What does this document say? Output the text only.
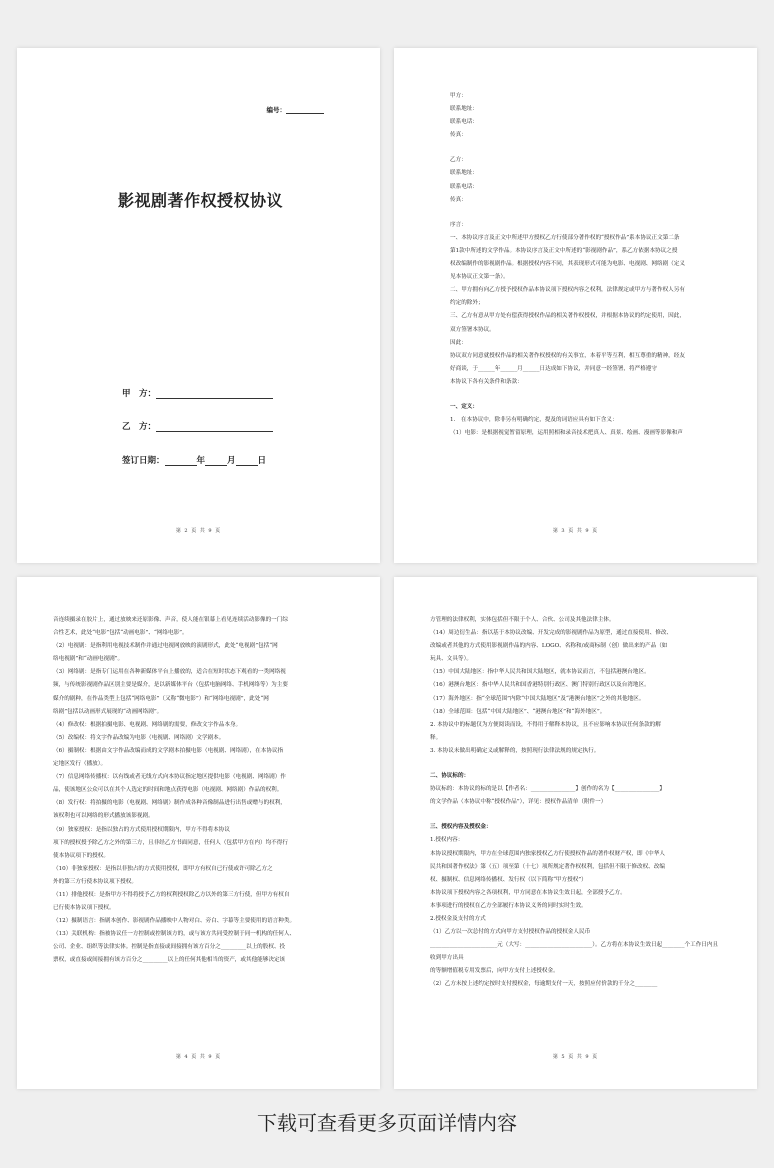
编号：
影视剧著作权授权协议
甲　方：
乙　方：
签订日期：	年	月	日
第 2 页 共 9 页

甲方：

联系地址：

联系电话：

传真：

乙方：

联系地址：

联系电话：

传真：

序言：

一、本协议序言及正文中所述甲方授权乙方行使部分著作权的“授权作品”系本协议正文第二条

第1款中所述的文学作品。本协议序言及正文中所述的“影视剧作品”，系乙方依据本协议之授

权改编制作的影视剧作品。根据授权内容不同，其表现形式可能为电影、电视剧、网络剧（定义

见本协议正文第一条）。

二、甲方拥有向乙方授予授权作品本协议项下授权内容之权利，法律规定或甲方与著作权人另有

约定的除外；

三、乙方有意从甲方处有偿获得授权作品的相关著作权授权，并根据本协议的约定使用，因此，

双方签署本协议。

因此：

协议双方同意就授权作品的相关著作权授权的有关事宜，本着平等互利，相互尊重的精神，经友

好商谈，于______年______月______日达成如下协议，并同意一经签署，将严格遵守

本协议下各有关条件和条款：

一、定义：

1.　在本协议中，除非另有明确约定，提及的词语应具有如下含义：

（1）电影：是根据视觉暂留原理，运用照相和录音技术把真人、真景、绘画、漫画等影像和声

第 3 页 共 9 页

音连续摄录在胶片上，通过放映来还原影像、声音，使人能在银幕上看见连续活动影像的一门综

合性艺术，此处“电影”包括“动画电影”、“网络电影”。

（2）电视剧：是指利用电视技术制作并通过电视网放映的演剧形式，此处“电视剧”包括“网

络电视剧”和“动画电视剧”。

（3）网络剧：是指专门运用在各种新媒体平台上播放的，适合在短时状态下观看的一类网络视

频，与传统影视剧作品区别主要是媒介，是以新媒体平台（包括电脑网络、手机网络等）为主要

媒介的剧种，在作品类型上包括“网络电影”（又称“微电影”）和“网络电视剧”，此处“网

络剧”包括以动画形式展现的“动画网络剧”。

（4）修改权：根据拍摄电影、电视剧、网络剧的需要，修改文字作品本身。

（5）改编权：将文字作品改编为电影（电视剧、网络剧）文学剧本。

（6）摄制权：根据由文字作品改编而成的文学剧本拍摄电影（电视剧、网络剧），在本协议指

定地区发行（播放）。

（7）信息网络传播权：以有线或者无线方式向本协议指定地区提供电影（电视剧、网络剧）作

品，使该地区公众可以在其个人选定的时间和地点获得电影（电视剧、网络剧）作品的权利。

（8）发行权：将拍摄的电影（电视剧、网络剧）制作成各种音像制品进行出售或赠与的权利，

该权利也可以网络的形式播放该影视剧。

（9）独家授权：是指以独占的方式使用授权期限内，甲方不得将本协议

项下的授权授予除乙方之外的第三方，且非经乙方书面同意，任何人（包括甲方在内）均不得行

使本协议项下的授权。

（10）非独家授权：是指以非独占的方式使用授权，即甲方有权自已行使或许可除乙方之

外的第三方行使本协议项下授权。

（11）排他授权：是指甲方不得将授予乙方的权利授权除乙方以外的第三方行使，但甲方有权自

已行使本协议项下授权。

（12）摄制语言：指剧本创作、影视剧作品播映中人物对白、旁白、字幕等主要使用的语言种类。

（13）关联机构：指被协议任一方控制或控制该方的，或与该方共同受控制于同一机构的任何人、

公司、企业、组织等法律实体。控制是指直接或间接拥有该方百分之_________以上的股权、投

票权，或直接或间接拥有该方百分之_________以上的任何其他相当的资产，或其他能够决定该

第 4 页 共 9 页

方管理的法律权利，实体包括但不限于个人、合伙、公司及其他法律主体。

（14）周边衍生品：指以基于本协议改编、开发完成的影视剧作品为原型，通过直接使用、修改、

改编或者其他的方式使用影视剧作品的内容、LOGO、名称和/或商标制（创）做出来的产品（如

玩具、文具等）。

（15）中国大陆地区：指中华人民共和国大陆地区，就本协议而言，不包括港澳台地区。

（16）港澳台地区：指中华人民共和国香港特别行政区、澳门特别行政区以及台湾地区。

（17）海外地区：指“全球范围”内除“中国大陆地区”及“港澳台地区”之外的其他地区。

（18）全球范围：包括“中国大陆地区”、“港澳台地区”和“海外地区”。

2. 本协议中的标题仅为方便阅读而设，不得用于解释本协议，且不应影响本协议任何条款的解

释。

3. 本协议未做出明确定义或解释的，按照现行法律法规的规定执行。

二、协议标的：

协议标的：本协议的标的是以【作者名：________________】创作的名为【________________】

的文学作品（本协议中称“授权作品”），详见：授权作品清单（附件一）

三、授权内容及授权金：

1.授权内容：

本协议授权期限内，甲方在全球范围内独家授权乙方行使授权作品的著作权财产权，即《中华人

民共和国著作权法》第（五）项至第（十七）项所规定著作权权利，包括但不限于修改权、改编

权、摄制权、信息网络传播权、发行权（以下简称“甲方授权”）

本协议项下授权内容之各项权利，甲方同意在本协议生效日起，全部授予乙方。

本事项进行的授权在乙方全部履行本协议义务的同时实时生效。

2.授权金及支付的方式

（1）乙方以一次总付的方式向甲方支付授权作品的授权金人民币

________________________元（大写：________________________）。乙方将在本协议生效日起________个工作日内且收到甲方出具

的等额增值税专用发票后，向甲方支付上述授权金。

（2）乙方未按上述约定按时支付授权金，每逾期支付一天，按照应付价款的千分之________

第 5 页 共 9 页
下载可查看更多页面详情内容
